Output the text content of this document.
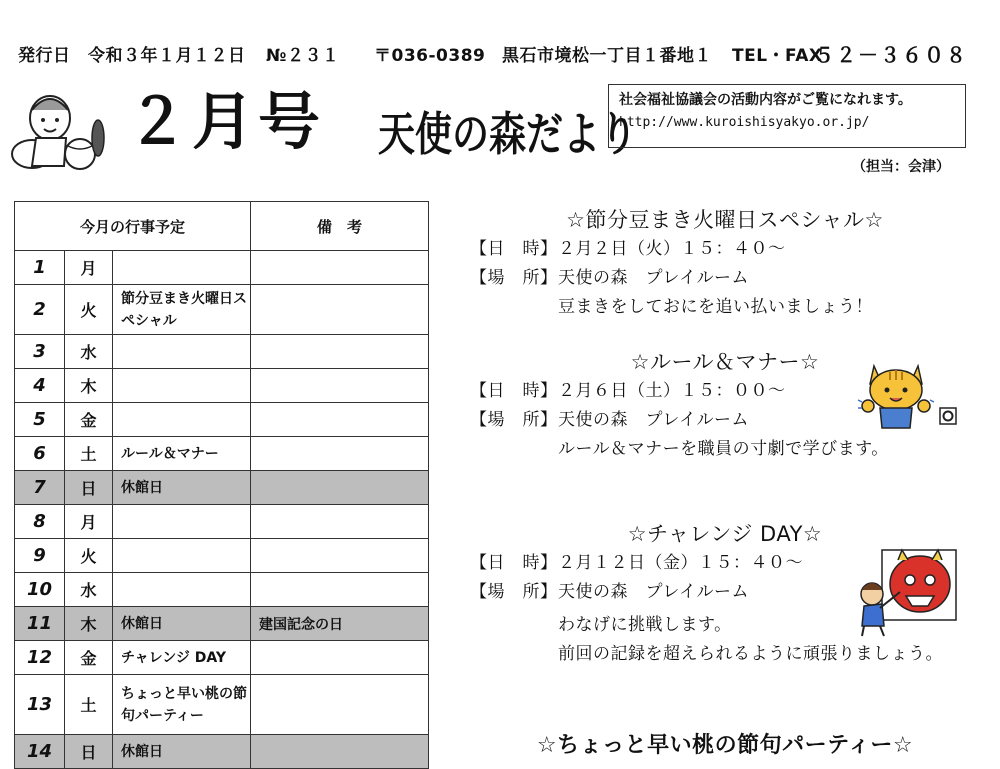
発行日　令和３年１月１２日	№２３１	〒036-0389 黒石市境松一丁目１番地１	TEL・FAX
５２－３６０８
２月号	天使の森だより
社会福祉協議会の活動内容がご覧になれます。
http://www.kuroishisyakyo.or.jp/
（担当：会津）
今月の行事予定			備　考
1	月		
2	火	節分豆まき火曜日スペシャル	
3	水		
4	木		
5	金		
6	土	ルール＆マナー	
7	日	休館日	
8	月		
9	火		
10	水		
11	木	休館日	建国記念の日
12	金	チャレンジ DAY	
13	土	ちょっと早い桃の節句パーティー	
14	日	休館日	
☆節分豆まき火曜日スペシャル☆
【日　時】 ２月２日（火）１５：４０～
【場　所】 天使の森　プレイルーム
豆まきをしておにを追い払いましょう！
☆ルール＆マナー☆
【日　時】 ２月６日（土）１５：００～
【場　所】 天使の森　プレイルーム
ルール＆マナーを職員の寸劇で学びます。
☆チャレンジ DAY☆
【日　時】 ２月１２日（金）１５：４０～
【場　所】 天使の森　プレイルーム
わなげに挑戦します。
前回の記録を超えられるように頑張りましょう。
☆ちょっと早い桃の節句パーティー☆
